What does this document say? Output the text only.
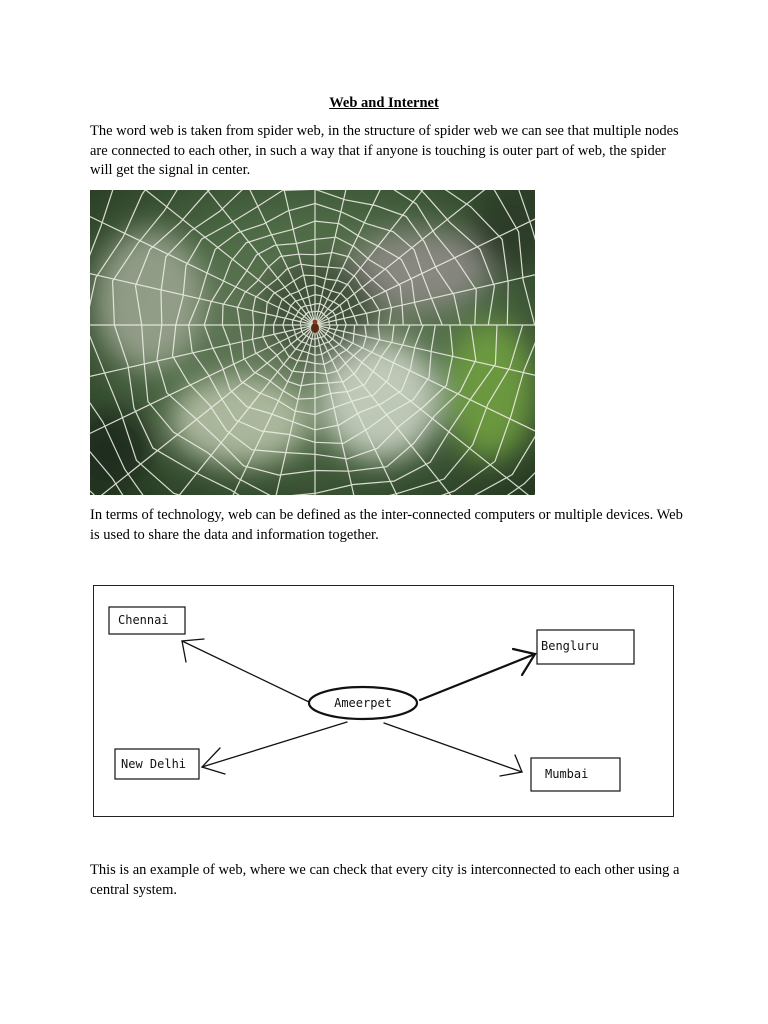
Web and Internet
The word web is taken from spider web, in the structure of spider web we can see that multiple nodes are connected to each other, in such a way that if anyone is touching is outer part of web, the spider will get the signal in center.
In terms of technology, web can be defined as the inter-connected computers or multiple devices. Web is used to share the data and information together.
Ameerpet
Chennai
Bengluru
New Delhi
Mumbai
This is an example of web, where we can check that every city is interconnected to each other using a central system.
